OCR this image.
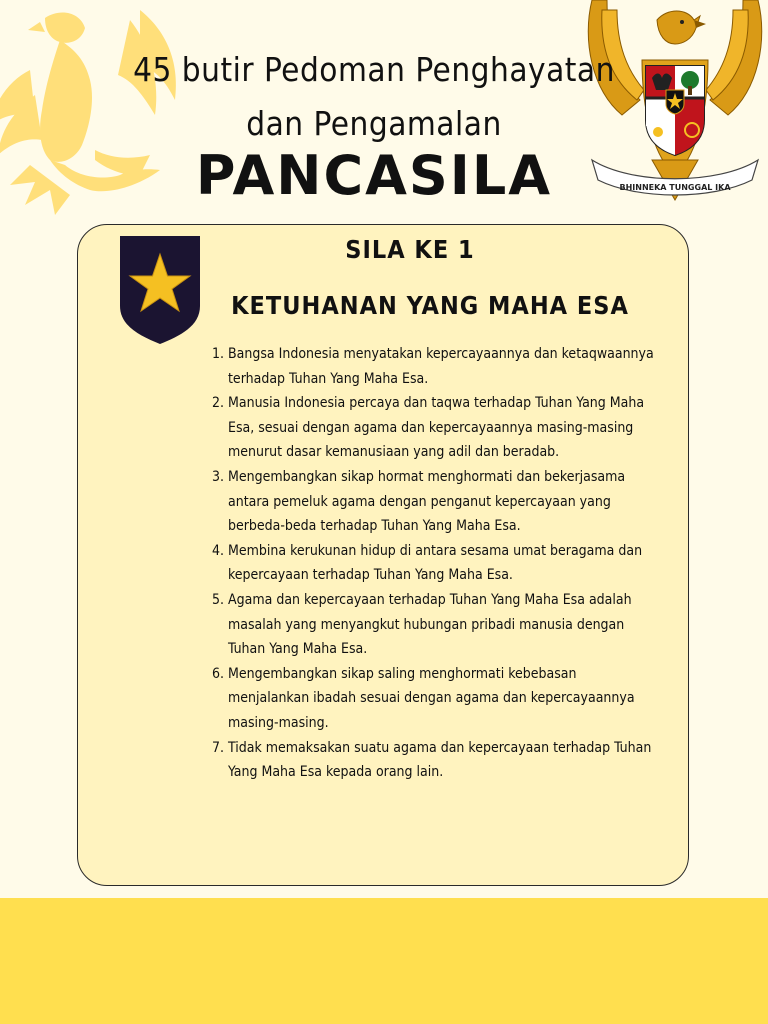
BHINNEKA TUNGGAL IKA
45 butir Pedoman Penghayatan
dan Pengamalan
PANCASILA
SILA KE 1
KETUHANAN YANG MAHA ESA
1. Bangsa Indonesia menyatakan kepercayaannya dan ketaqwaannya terhadap Tuhan Yang Maha Esa.
2. Manusia Indonesia percaya dan taqwa terhadap Tuhan Yang Maha Esa, sesuai dengan agama dan kepercayaannya masing-masing menurut dasar kemanusiaan yang adil dan beradab.
3. Mengembangkan sikap hormat menghormati dan bekerjasama antara pemeluk agama dengan penganut kepercayaan yang berbeda-beda terhadap Tuhan Yang Maha Esa.
4. Membina kerukunan hidup di antara sesama umat beragama dan kepercayaan terhadap Tuhan Yang Maha Esa.
5. Agama dan kepercayaan terhadap Tuhan Yang Maha Esa adalah masalah yang menyangkut hubungan pribadi manusia dengan Tuhan Yang Maha Esa.
6. Mengembangkan sikap saling menghormati kebebasan menjalankan ibadah sesuai dengan agama dan kepercayaannya masing-masing.
7. Tidak memaksakan suatu agama dan kepercayaan terhadap Tuhan Yang Maha Esa kepada orang lain.
